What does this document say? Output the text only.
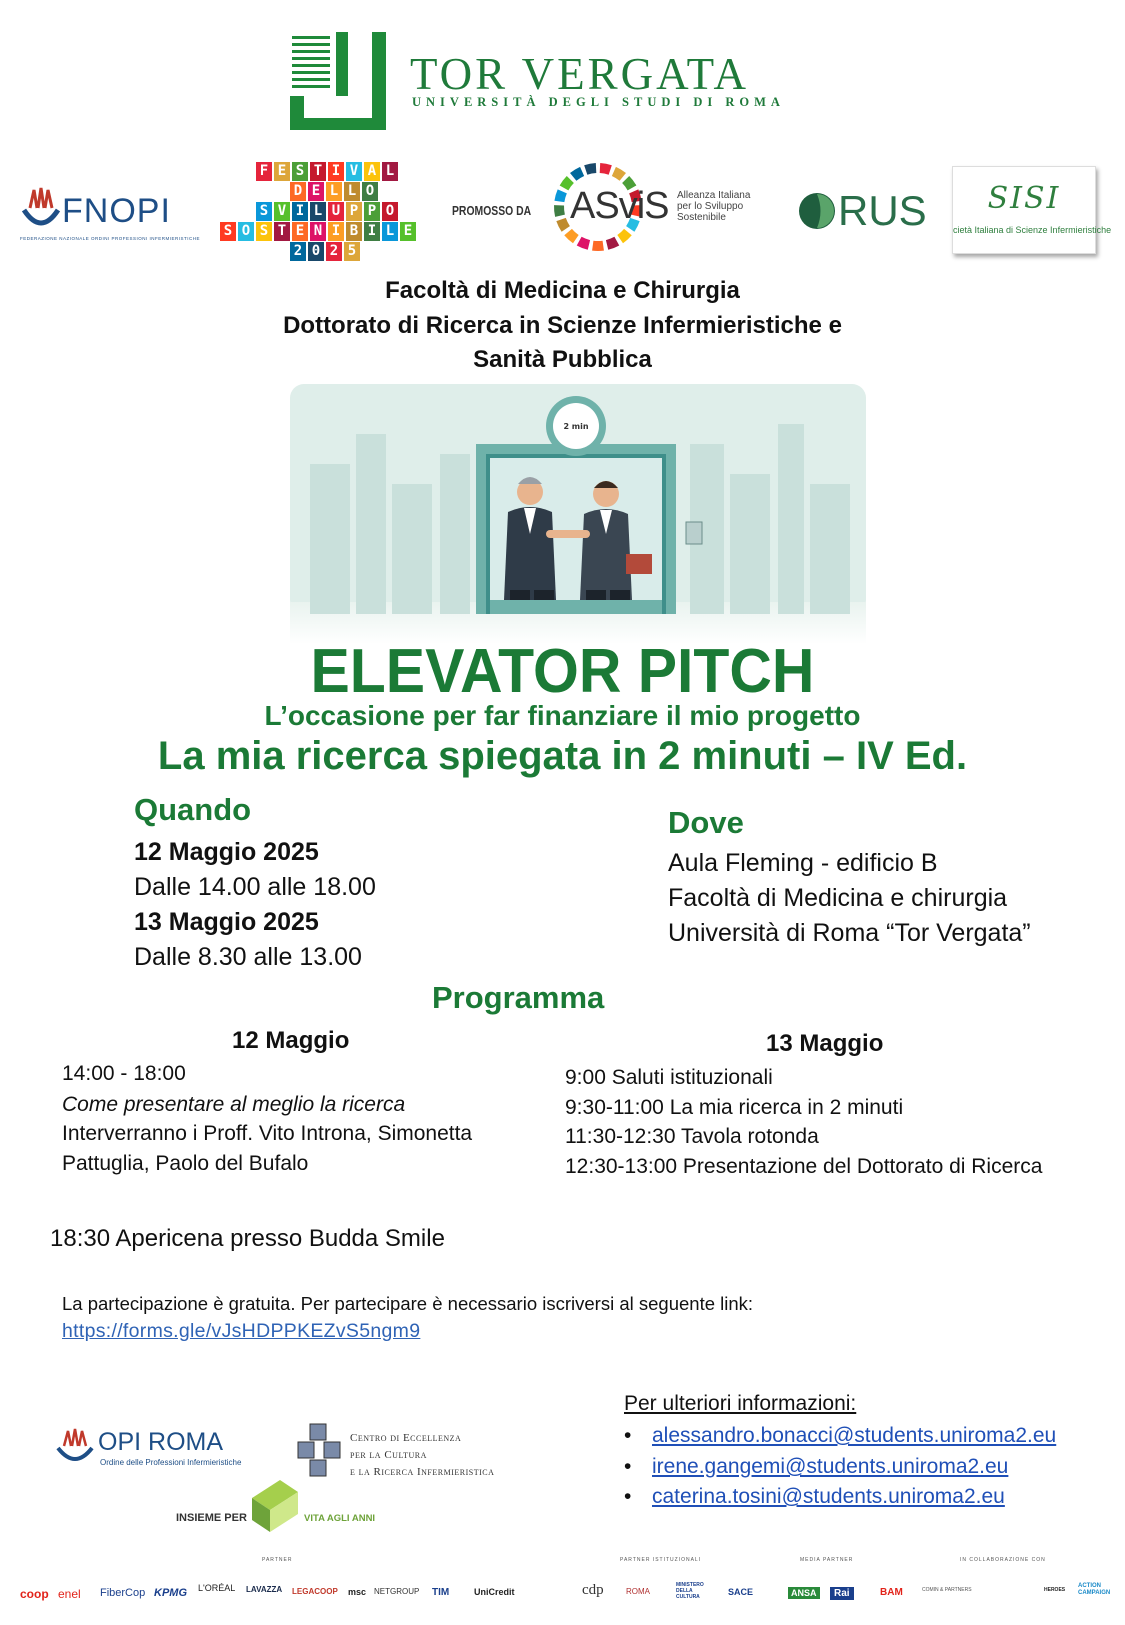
TOR VERGATA
UNIVERSITÀ DEGLI STUDI DI ROMA
FNOPI
FEDERAZIONE NAZIONALE ORDINI PROFESSIONI INFERMIERISTICHE
F E S T I V A L
D E L L O
S V I L U P P O
S O S T E N I B I L E
2 0 2 5
PROMOSSO DA ASviS Alleanza Italiana
per lo Sviluppo
Sostenibile	RUS	SISI
cietà Italiana di Scienze Infermieristiche
Facoltà di Medicina e Chirurgia
Dottorato di Ricerca in Scienze Infermieristiche e
Sanità Pubblica
2 min
ELEVATOR PITCH
L’occasione per far finanziare il mio progetto
La mia ricerca spiegata in 2 minuti – IV Ed.
Quando
12 Maggio 2025
Dalle 14.00 alle 18.00
13 Maggio 2025
Dalle 8.30 alle 13.00
Dove
Aula Fleming - edificio B
Facoltà di Medicina e chirurgia
Università di Roma “Tor Vergata”
Programma
12 Maggio
14:00 - 18:00
Come presentare al meglio la ricerca
Interverranno i Proff. Vito Introna, Simonetta
Pattuglia, Paolo del Bufalo
13 Maggio
9:00 Saluti istituzionali
9:30-11:00 La mia ricerca in 2 minuti
11:30-12:30 Tavola rotonda
12:30-13:00 Presentazione del Dottorato di Ricerca
18:30 Apericena presso Budda Smile
La partecipazione è gratuita. Per partecipare è necessario iscriversi al seguente link:
https://forms.gle/vJsHDPPKEZvS5ngm9
OPI ROMA
Ordine delle Professioni Infermieristiche
Centro di Eccellenza
per la Cultura
e la Ricerca Infermieristica
INSIEME PER	VITA AGLI ANNI
Per ulteriori informazioni:
• alessandro.bonacci@students.uniroma2.eu
• irene.gangemi@students.uniroma2.eu
• caterina.tosini@students.uniroma2.eu
PARTNER	PARTNER ISTITUZIONALI	MEDIA PARTNER	IN COLLABORAZIONE CON
coop enel FiberCop KPMG L'ORÉAL LAVAZZA LEGACOOP msc NETGROUP TIM	UniCredit	cdp	ROMA
MINISTERO DELLA CULTURA	SACE	ANSA	Rai	BAM	COMIN & PARTNERS	HEROES
ACTION CAMPAIGN
